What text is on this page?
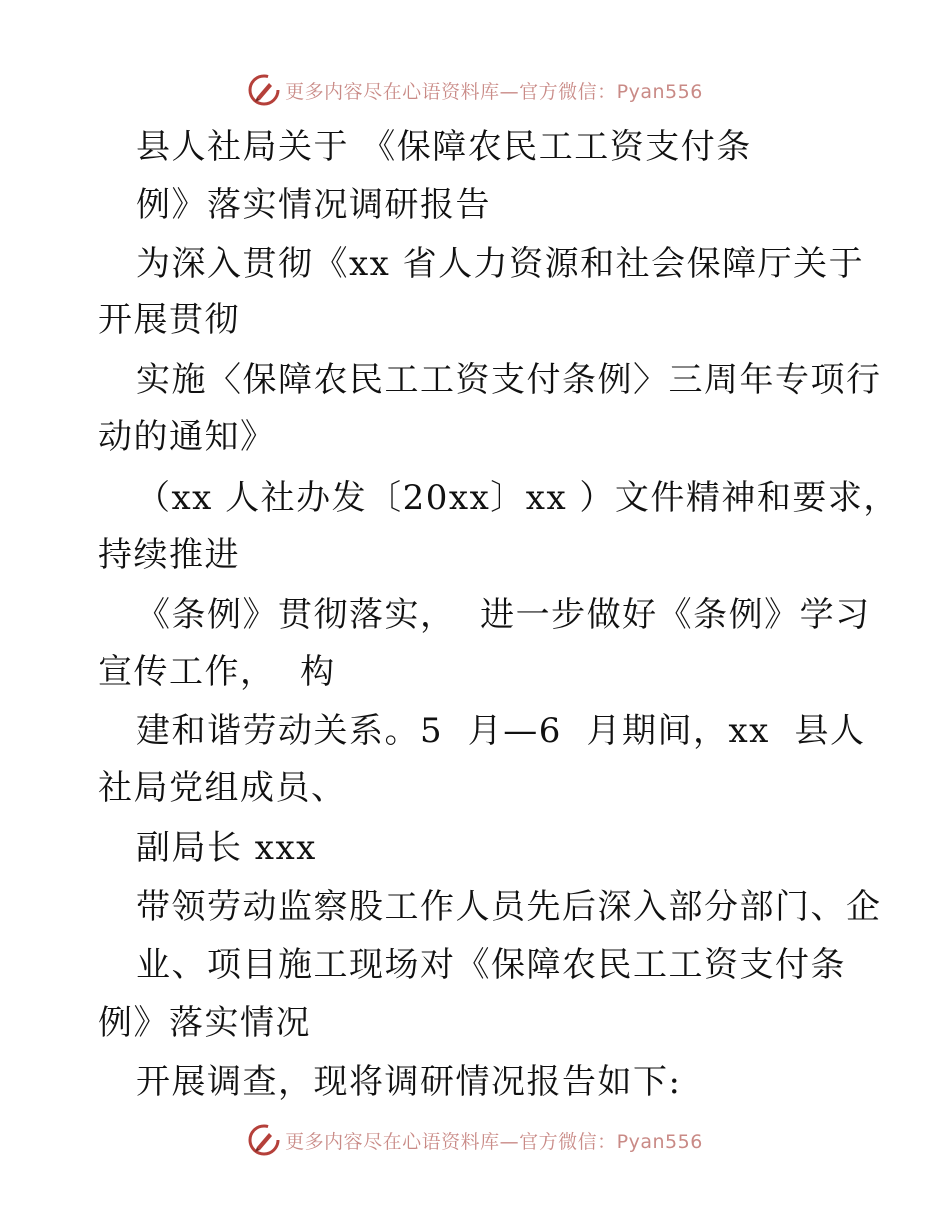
更多内容尽在心语资料库—官方微信：Pyan556
县人社局关于 《保障农民工工资支付条
例》落实情况调研报告
为深入贯彻《xx 省人力资源和社会保障厅关于
开展贯彻
实施〈保障农民工工资支付条例〉三周年专项行
动的通知》
（xx 人社办发〔20xx〕xx ）文件精神和要求，
持续推进
《条例》贯彻落实，  进一步做好《条例》学习
宣传工作，  构
建和谐劳动关系。5  月—6  月期间，xx  县人
社局党组成员、
副局长 xxx
带领劳动监察股工作人员先后深入部分部门、企
业、项目施工现场对《保障农民工工资支付条
例》落实情况
开展调查，现将调研情况报告如下:
更多内容尽在心语资料库—官方微信：Pyan556
